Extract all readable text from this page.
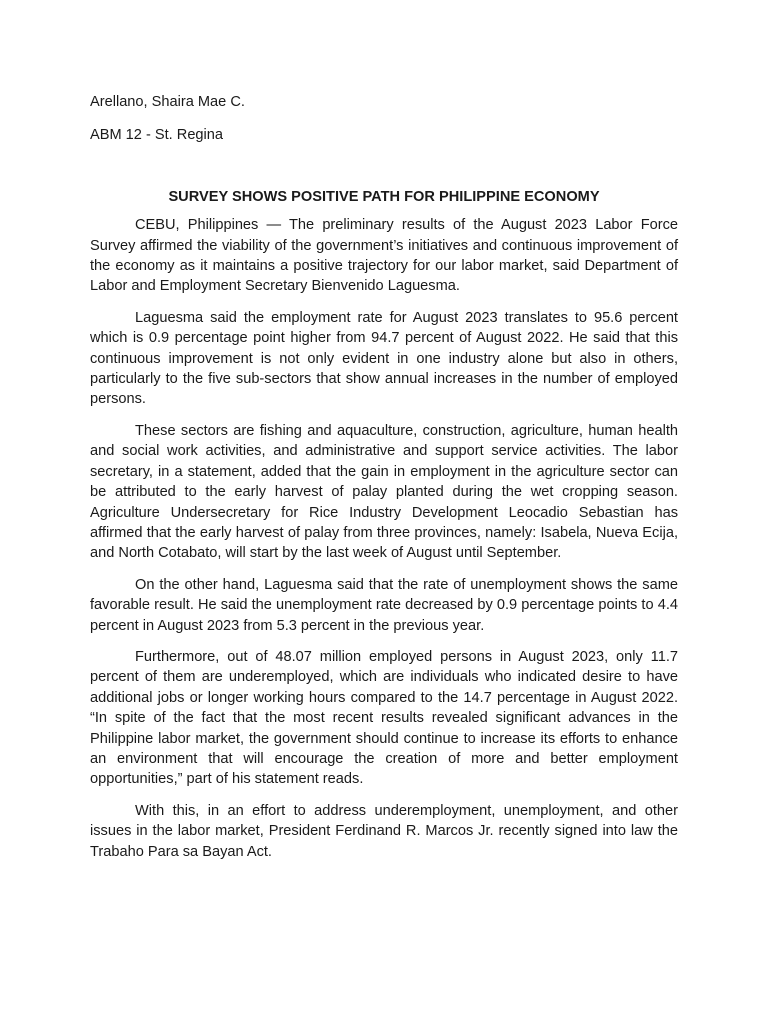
Arellano, Shaira Mae C.

ABM 12 - St. Regina

SURVEY SHOWS POSITIVE PATH FOR PHILIPPINE ECONOMY

CEBU, Philippines — The preliminary results of the August 2023 Labor Force Survey affirmed the viability of the government’s initiatives and continuous improvement of the economy as it maintains a positive trajectory for our labor market, said Department of Labor and Employment Secretary Bienvenido Laguesma.

Laguesma said the employment rate for August 2023 translates to 95.6 percent which is 0.9 percentage point higher from 94.7 percent of August 2022. He said that this continuous improvement is not only evident in one industry alone but also in others, particularly to the five sub-sectors that show annual increases in the number of employed persons.

These sectors are fishing and aquaculture, construction, agriculture, human health and social work activities, and administrative and support service activities. The labor secretary, in a statement, added that the gain in employment in the agriculture sector can be attributed to the early harvest of palay planted during the wet cropping season. Agriculture Undersecretary for Rice Industry Development Leocadio Sebastian has affirmed that the early harvest of palay from three provinces, namely: Isabela, Nueva Ecija, and North Cotabato, will start by the last week of August until September.

On the other hand, Laguesma said that the rate of unemployment shows the same favorable result. He said the unemployment rate decreased by 0.9 percentage points to 4.4 percent in August 2023 from 5.3 percent in the previous year.

Furthermore, out of 48.07 million employed persons in August 2023, only 11.7 percent of them are underemployed, which are individuals who indicated desire to have additional jobs or longer working hours compared to the 14.7 percentage in August 2022. “In spite of the fact that the most recent results revealed significant advances in the Philippine labor market, the government should continue to increase its efforts to enhance an environment that will encourage the creation of more and better employment opportunities,” part of his statement reads.

With this, in an effort to address underemployment, unemployment, and other issues in the labor market, President Ferdinand R. Marcos Jr. recently signed into law the Trabaho Para sa Bayan Act.
